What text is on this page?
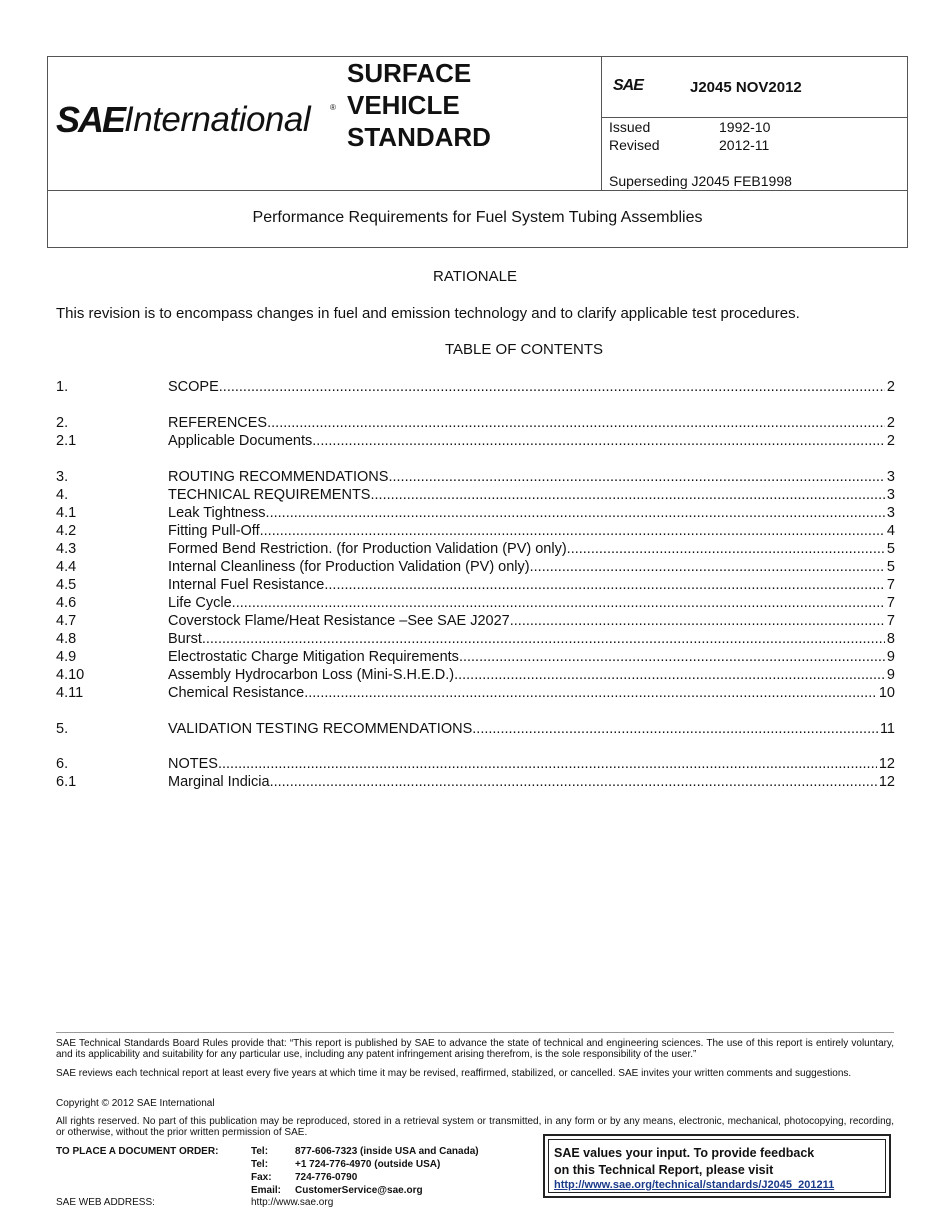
SAE International ®
SURFACE
VEHICLE
STANDARD
SAE	J2045 NOV2012
Issued	1992-10
Revised	2012-11
Superseding J2045 FEB1998
Performance Requirements for Fuel System Tubing Assemblies
RATIONALE
This revision is to encompass changes in fuel and emission technology and to clarify applicable test procedures.
TABLE OF CONTENTS
1.	SCOPE .....	2
2.	REFERENCES .....	2
2.1	Applicable Documents .....	2
3.	ROUTING RECOMMENDATIONS .....	3
4.	TECHNICAL REQUIREMENTS .....	3
4.1	Leak Tightness .....	3
4.2	Fitting Pull-Off .....	4
4.3	Formed Bend Restriction. (for Production Validation (PV) only). .....	5
4.4	Internal Cleanliness (for Production Validation (PV) only) .....	5
4.5	Internal Fuel Resistance .....	7
4.6	Life Cycle .....	7
4.7	Coverstock Flame/Heat Resistance –See SAE J2027 .....	7
4.8	Burst .....	8
4.9	Electrostatic Charge Mitigation Requirements .....	9
4.10	Assembly Hydrocarbon Loss (Mini-S.H.E.D.) .....	9
4.11	Chemical Resistance .....	10
5.	VALIDATION TESTING RECOMMENDATIONS .....	11
6.	NOTES .....	12
6.1	Marginal Indicia .....	12
SAE Technical Standards Board Rules provide that: “This report is published by SAE to advance the state of technical and engineering sciences. The use of this report is entirely voluntary, and its applicability and suitability for any particular use, including any patent infringement arising therefrom, is the sole responsibility of the user.”
SAE reviews each technical report at least every five years at which time it may be revised, reaffirmed, stabilized, or cancelled. SAE invites your written comments and suggestions.
Copyright © 2012 SAE International
All rights reserved. No part of this publication may be reproduced, stored in a retrieval system or transmitted, in any form or by any means, electronic, mechanical, photocopying, recording, or otherwise, without the prior written permission of SAE.
TO PLACE A DOCUMENT ORDER:	Tel:	877-606-7323 (inside USA and Canada)
Tel:	+1 724-776-4970 (outside USA)
Fax: 724-776-0790
Email: CustomerService@sae.org
SAE WEB ADDRESS:	http://www.sae.org
SAE values your input. To provide feedback
on this Technical Report, please visit
http://www.sae.org/technical/standards/J2045_201211
